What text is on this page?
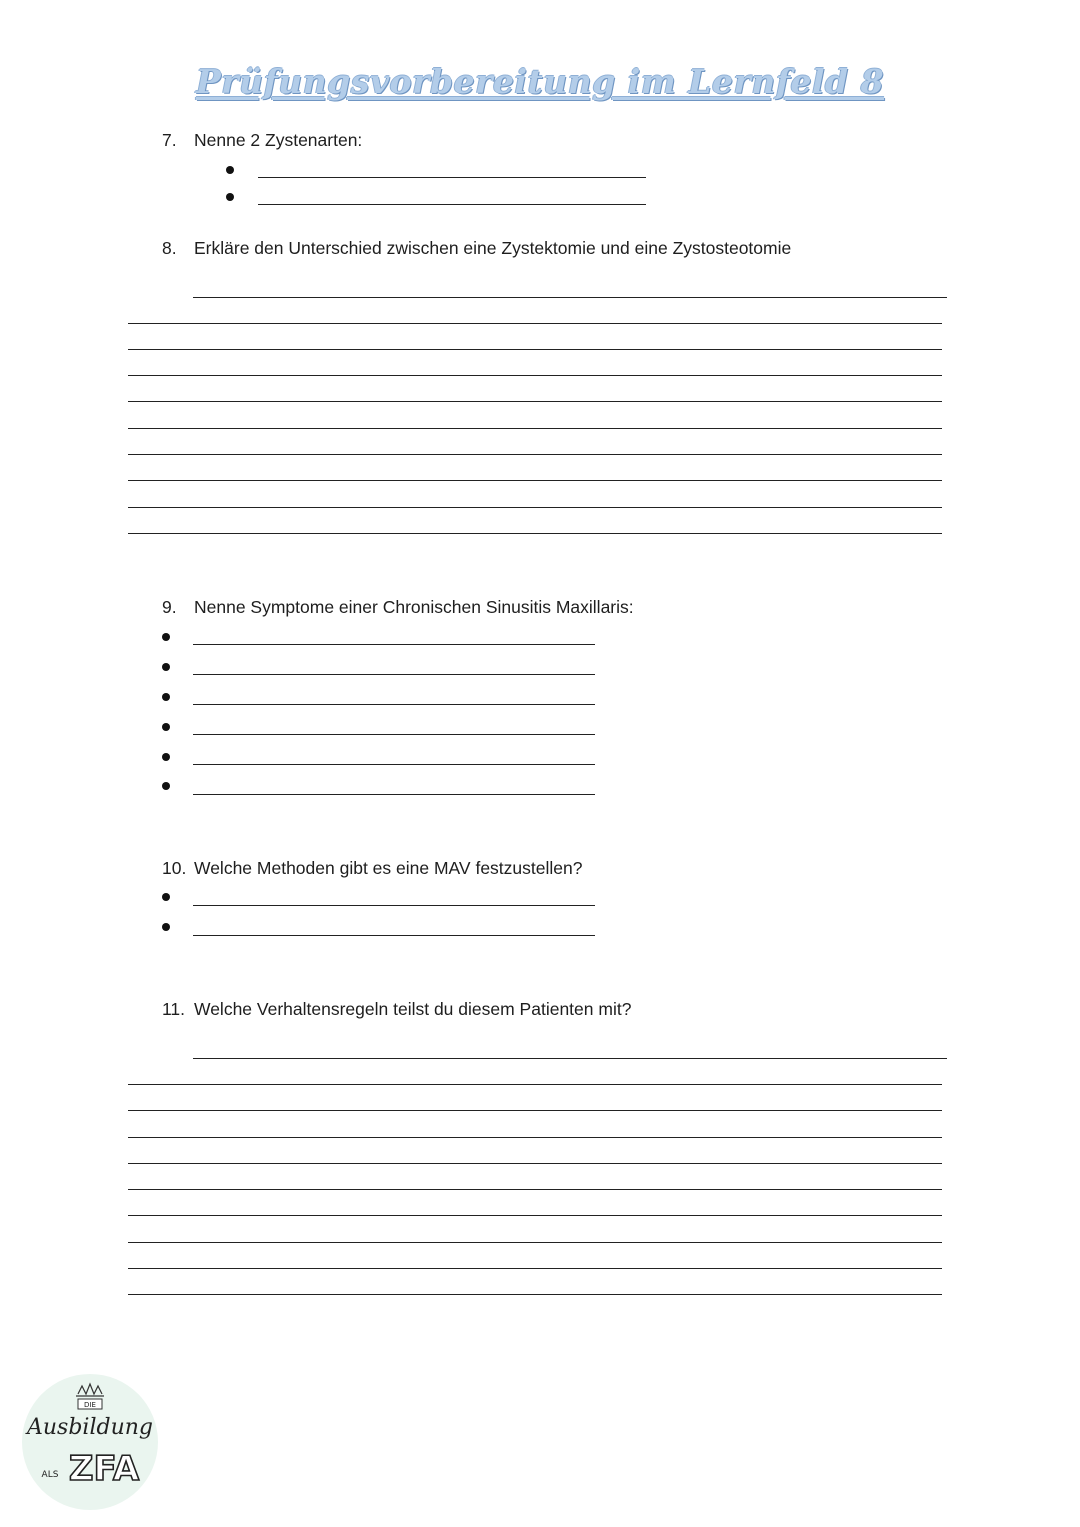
Prüfungsvorbereitung im Lernfeld 8
7. Nenne 2 Zystenarten:
8. Erkläre den Unterschied zwischen eine Zystektomie und eine Zystosteotomie
9. Nenne Symptome einer Chronischen Sinusitis Maxillaris:
10. Welche Methoden gibt es eine MAV festzustellen?
11. Welche Verhaltensregeln teilst du diesem Patienten mit?
DIE
Ausbildung
ALS ZFA
